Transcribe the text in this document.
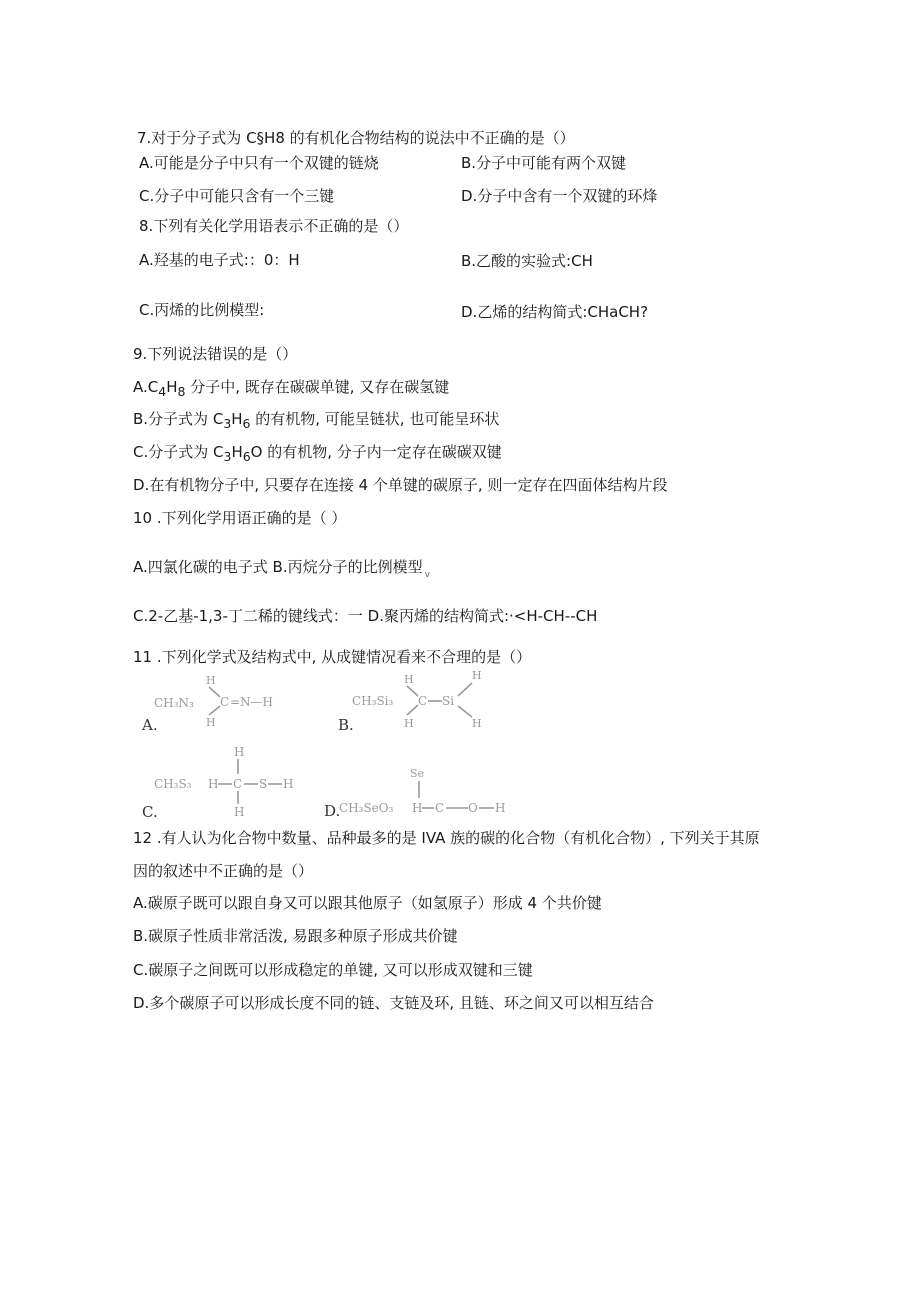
7.对于分子式为 C§H8 的有机化合物结构的说法中不正确的是（）
A.可能是分子中只有一个双键的链烧	B.分子中可能有两个双键
C.分子中可能只含有一个三键	D.分子中含有一个双键的环烽
8.下列有关化学用语表示不正确的是（）
A.羟基的电子式:：0：H	B.乙酸的实验式:CH
C.丙烯的比例模型:	D.乙烯的结构简式:CHaCH?
9.下列说法错误的是（）
$A.C_4H_8$ 分子中, 既存在碳碳单键, 又存在碳氢键
B.分子式为 $C_3H_6$ 的有机物, 可能呈链状, 也可能呈环状
C.分子式为 $C_3H_6O$ 的有机物, 分子内一定存在碳碳双键
D.在有机物分子中, 只要存在连接 4 个单键的碳原子, 则一定存在四面体结构片段
10 .下列化学用语正确的是（ ）
A.四氯化碳的电子式 B.丙烷分子的比例模型 $_v$
C.2-乙基-1,3-丁二稀的键线式：一 D.聚丙烯的结构简式:·<H-CH--CH
11 .下列化学式及结构式中, 从成键情况看来不合理的是（）
A.
CH₃N₃
H
H
C =N—H
B.
CH₃Si₃
H
H
C Si
H
H
C.
CH₃S₃
H
H C
H
S H
D.
CH₃SeO₃
Se
H C O H
12 .有人认为化合物中数量、品种最多的是 IVA 族的碳的化合物（有机化合物）, 下列关于其原
因的叙述中不正确的是（）
A.碳原子既可以跟自身又可以跟其他原子（如氢原子）形成 4 个共价键
B.碳原子性质非常活泼, 易跟多种原子形成共价键
C.碳原子之间既可以形成稳定的单键, 又可以形成双键和三键
D.多个碳原子可以形成长度不同的链、支链及环, 且链、环之间又可以相互结合
